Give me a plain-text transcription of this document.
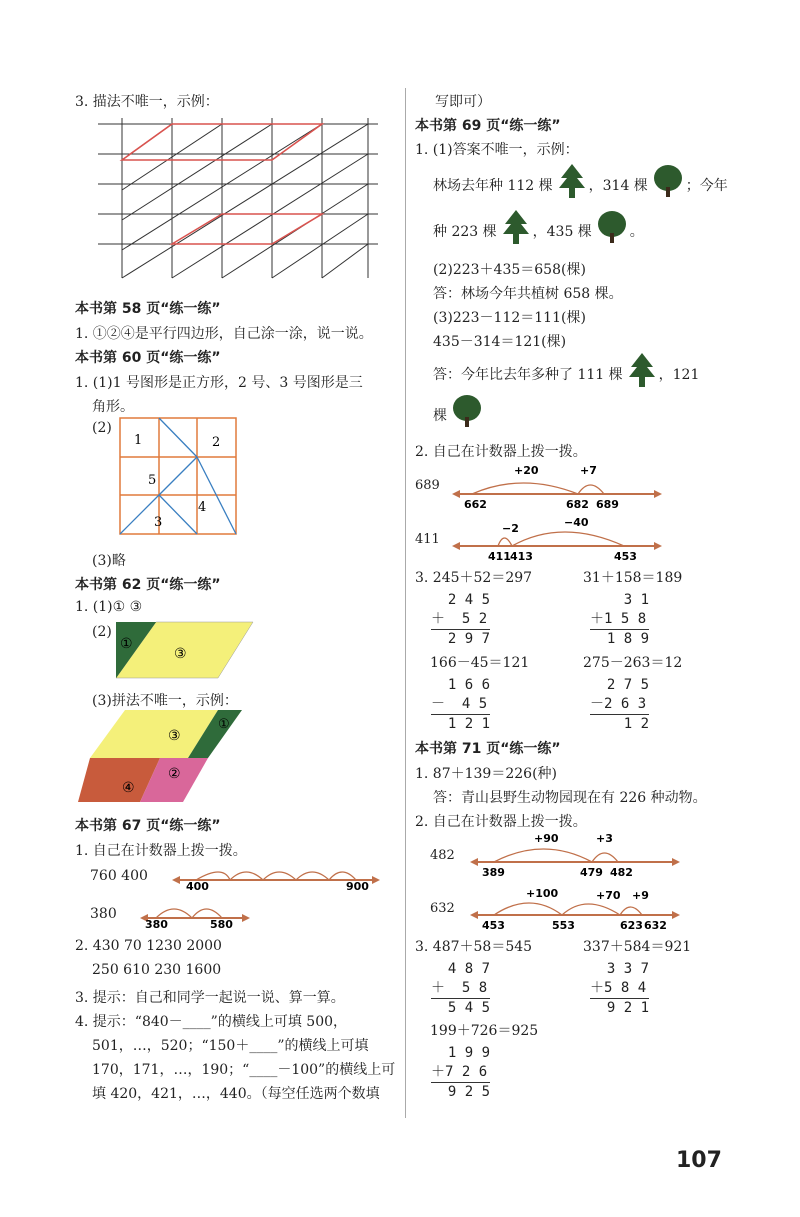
3. 描法不唯一，示例：
本书第 58 页“练一练”
1. ①②④是平行四边形，自己涂一涂，说一说。
本书第 60 页“练一练”
1. (1)1 号图形是正方形，2 号、3 号图形是三
角形。
(2)
1	2
3
4
5
(3)略
本书第 62 页“练一练”
1. (1)① ③
(2)
①
③
(3)拼法不唯一，示例：
③
①
②
④
本书第 67 页“练一练”
1. 自己在计数器上拨一拨。
760 400
400	900
380
380	580
2. 430 70 1230 2000
250 610 230 1600
3. 提示：自己和同学一起说一说、算一算。
4. 提示：“840－____”的横线上可填 500，
501，…，520；“150＋____”的横线上可填
170，171，…，190；“____－100”的横线上可
填 420，421，…，440。（每空任选两个数填
写即可）
本书第 69 页“练一练”
1. (1)答案不唯一，示例：
林场去年种 112 棵	，314 棵	；今年
种 223 棵	，435 棵	。
(2)223＋435＝658(棵)
答：林场今年共植树 658 棵。
(3)223－112＝111(棵)
435－314＝121(棵)
答：今年比去年多种了 111 棵	，121
棵
2. 自己在计数器上拨一拨。
689
+20	+7
662	682 689
411
−2	−40
411 413	453
3. 245＋52＝297	31＋158＝189
2 4 5
＋  5 2
2 9 7
3 1
＋1 5 8
1 8 9
166－45＝121	275－263＝12
1 6 6
－  4 5
1 2 1
2 7 5
－2 6 3
1 2
本书第 71 页“练一练”
1. 87＋139＝226(种)
答：青山县野生动物园现在有 226 种动物。
2. 自己在计数器上拨一拨。
482
+90	+3
389	479 482
632
+100	+70 +9
453	553	623 632
3. 487＋58＝545	337＋584＝921
4 8 7
＋  5 8
5 4 5
3 3 7
＋5 8 4
9 2 1
199＋726＝925
1 9 9
＋7 2 6
9 2 5
107
